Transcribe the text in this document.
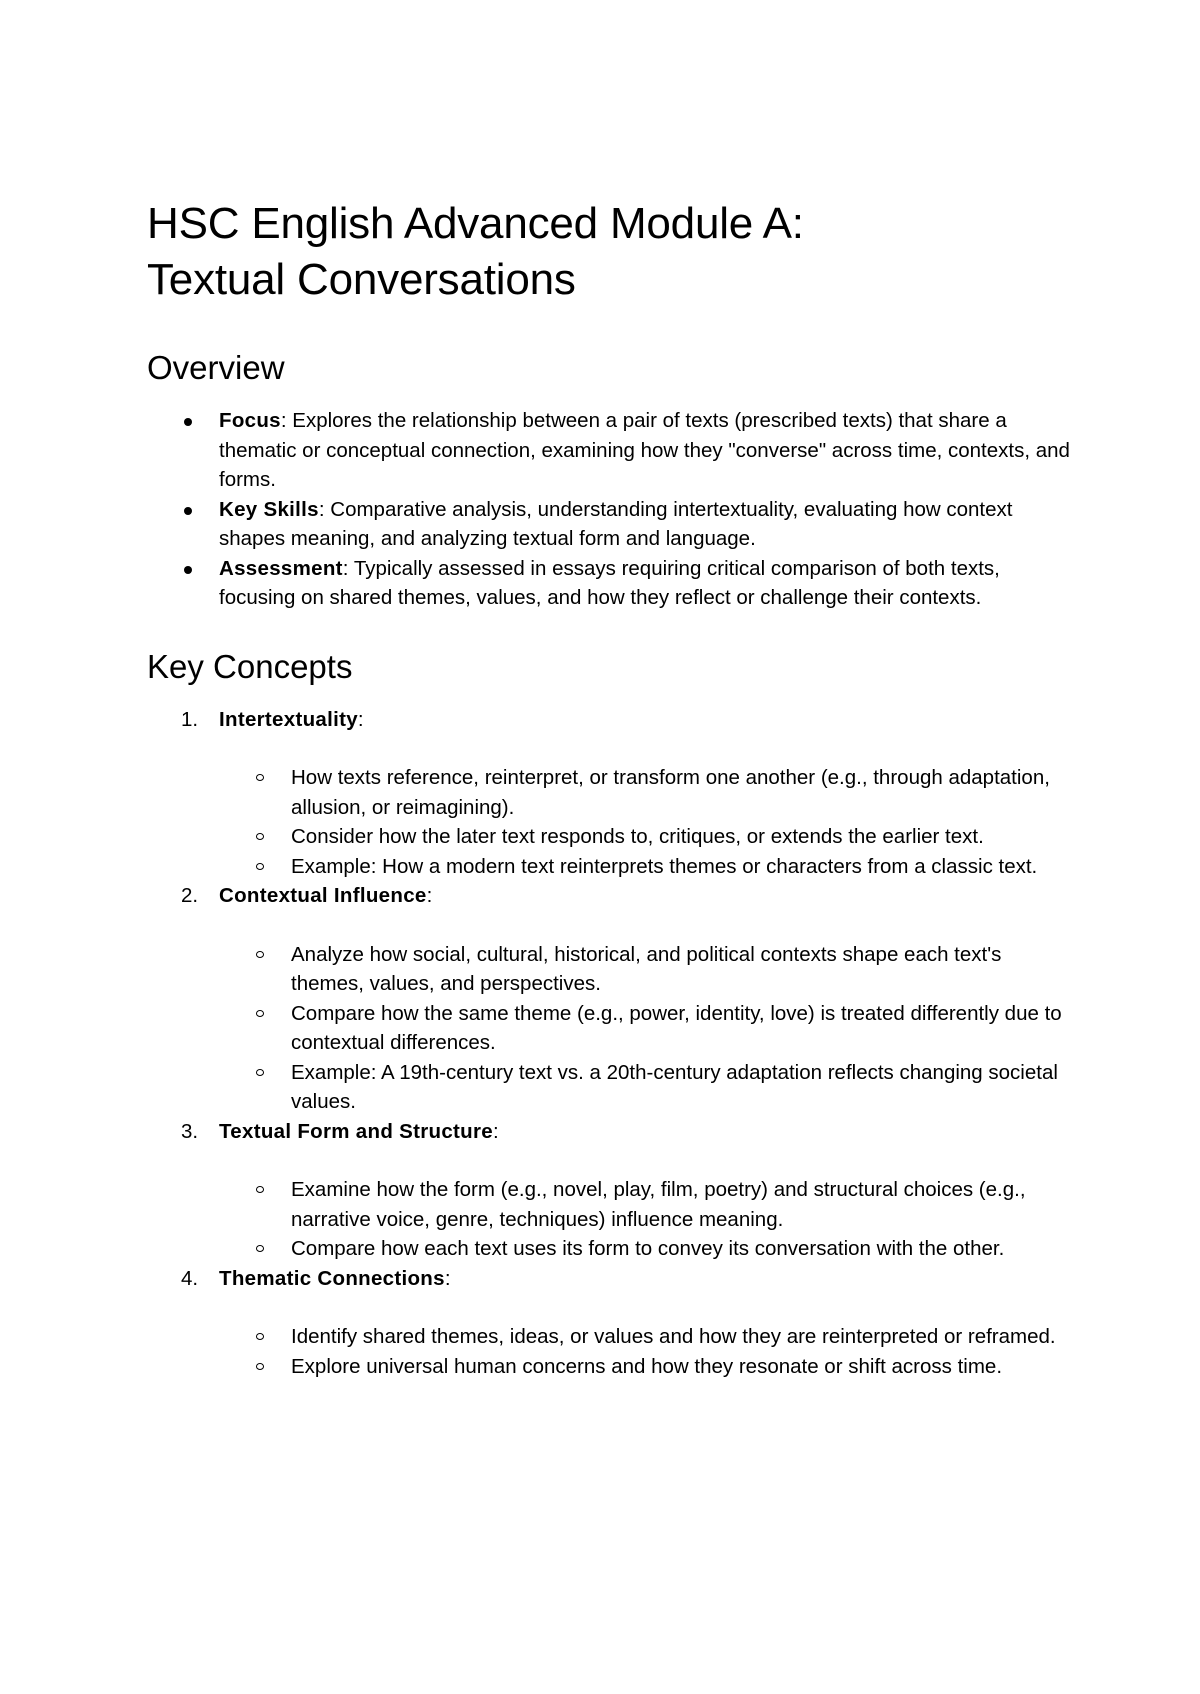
HSC English Advanced Module A:
Textual Conversations
Overview
Focus: Explores the relationship between a pair of texts (prescribed texts) that share a thematic or conceptual connection, examining how they "converse" across time, contexts, and forms.
Key Skills: Comparative analysis, understanding intertextuality, evaluating how context shapes meaning, and analyzing textual form and language.
Assessment: Typically assessed in essays requiring critical comparison of both texts, focusing on shared themes, values, and how they reflect or challenge their contexts.
Key Concepts
1. Intertextuality:
How texts reference, reinterpret, or transform one another (e.g., through adaptation, allusion, or reimagining).
Consider how the later text responds to, critiques, or extends the earlier text.
Example: How a modern text reinterprets themes or characters from a classic text.
2. Contextual Influence:
Analyze how social, cultural, historical, and political contexts shape each text's themes, values, and perspectives.
Compare how the same theme (e.g., power, identity, love) is treated differently due to contextual differences.
Example: A 19th-century text vs. a 20th-century adaptation reflects changing societal values.
3. Textual Form and Structure:
Examine how the form (e.g., novel, play, film, poetry) and structural choices (e.g., narrative voice, genre, techniques) influence meaning.
Compare how each text uses its form to convey its conversation with the other.
4. Thematic Connections:
Identify shared themes, ideas, or values and how they are reinterpreted or reframed.
Explore universal human concerns and how they resonate or shift across time.
